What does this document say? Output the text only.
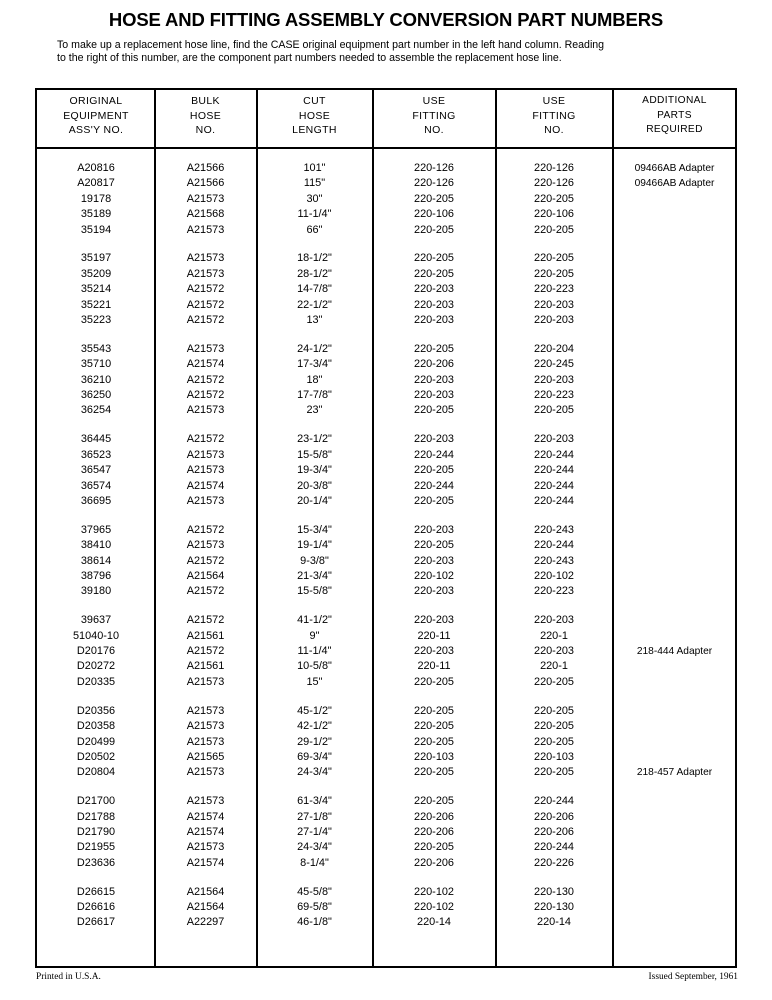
HOSE AND FITTING ASSEMBLY CONVERSION PART NUMBERS
To make up a replacement hose line, find the CASE original equipment part number in the left hand column. Reading to the right of this number, are the component part numbers needed to assemble the replacement hose line.
ORIGINAL
EQUIPMENT
ASS'Y NO.
BULK
HOSE
NO.
CUT
HOSE
LENGTH
USE
FITTING
NO.
USE
FITTING
NO.
ADDITIONAL
PARTS
REQUIRED
A20816	A21566	101"	220-126	220-126	09466AB Adapter
A20817	A21566	115"	220-126	220-126	09466AB Adapter
19178	A21573	30"	220-205	220-205
35189	A21568	11-1/4"	220-106	220-106
35194	A21573	66"	220-205	220-205
35197	A21573	18-1/2"	220-205	220-205
35209	A21573	28-1/2"	220-205	220-205
35214	A21572	14-7/8"	220-203	220-223
35221	A21572	22-1/2"	220-203	220-203
35223	A21572	13"	220-203	220-203
35543	A21573	24-1/2"	220-205	220-204
35710	A21574	17-3/4"	220-206	220-245
36210	A21572	18"	220-203	220-203
36250	A21572	17-7/8"	220-203	220-223
36254	A21573	23"	220-205	220-205
36445	A21572	23-1/2"	220-203	220-203
36523	A21573	15-5/8"	220-244	220-244
36547	A21573	19-3/4"	220-205	220-244
36574	A21574	20-3/8"	220-244	220-244
36695	A21573	20-1/4"	220-205	220-244
37965	A21572	15-3/4"	220-203	220-243
38410	A21573	19-1/4"	220-205	220-244
38614	A21572	9-3/8"	220-203	220-243
38796	A21564	21-3/4"	220-102	220-102
39180	A21572	15-5/8"	220-203	220-223
39637	A21572	41-1/2"	220-203	220-203
51040-10	A21561	9"	220-11	220-1
D20176	A21572	11-1/4"	220-203	220-203	218-444 Adapter
D20272	A21561	10-5/8"	220-11	220-1
D20335	A21573	15"	220-205	220-205
D20356	A21573	45-1/2"	220-205	220-205
D20358	A21573	42-1/2"	220-205	220-205
D20499	A21573	29-1/2"	220-205	220-205
D20502	A21565	69-3/4"	220-103	220-103
D20804	A21573	24-3/4"	220-205	220-205	218-457 Adapter
D21700	A21573	61-3/4"	220-205	220-244
D21788	A21574	27-1/8"	220-206	220-206
D21790	A21574	27-1/4"	220-206	220-206
D21955	A21573	24-3/4"	220-205	220-244
D23636	A21574	8-1/4"	220-206	220-226
D26615	A21564	45-5/8"	220-102	220-130
D26616	A21564	69-5/8"	220-102	220-130
D26617	A22297	46-1/8"	220-14	220-14
Printed in U.S.A.	Issued September, 1961
